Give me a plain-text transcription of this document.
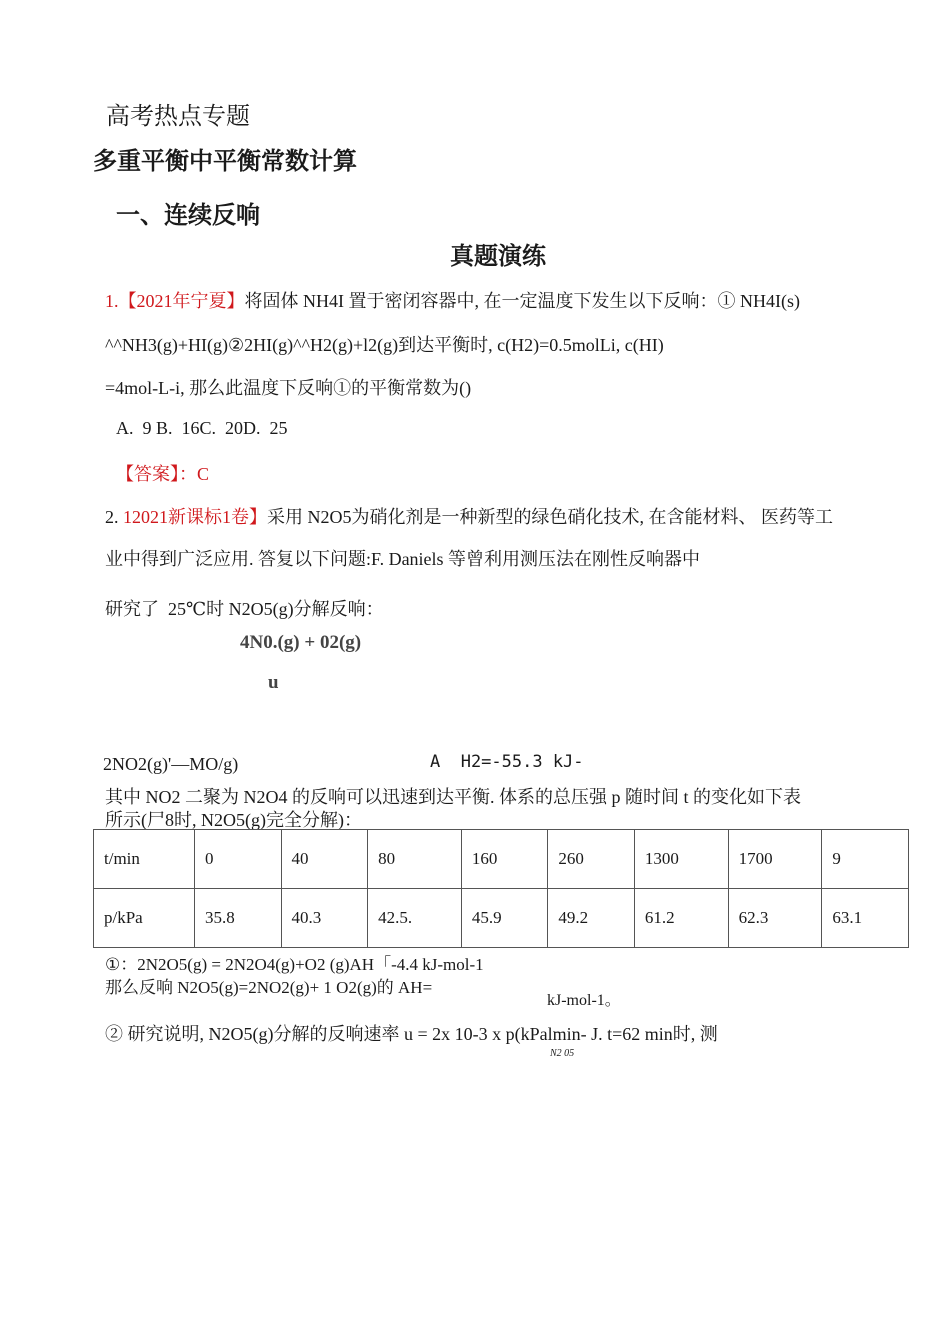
高考热点专题
多重平衡中平衡常数计算
一、连续反响
真题演练
1.【2021年宁夏】将固体 NH4I 置于密闭容器中, 在一定温度下发生以下反响：① NH4I(s)
^^NH3(g)+HI(g)②2HI(g)^^H2(g)+l2(g)到达平衡时, c(H2)=0.5molLi, c(HI)
=4mol-L-i, 那么此温度下反响①的平衡常数为()
A.  9 B.  16C.  20D.  25
【答案】：C
2. 12021新课标1卷】采用 N2O5为硝化剂是一种新型的绿色硝化技术, 在含能材料、 医药等工
业中得到广泛应用. 答复以下问题:F. Daniels 等曾利用测压法在刚性反响器中
研究了  25℃时 N2O5(g)分解反响：
4N0.(g) + 02(g)
u
2NO2(g)'—MO/g)	A  H2=-55.3 kJ-
其中 NO2 二聚为 N2O4 的反响可以迅速到达平衡. 体系的总压强 p 随时间 t 的变化如下表
所示(尸8时, N2O5(g)完全分解)：
t/min	0	40	80	160	260	1300	1700	9
p/kPa	35.8	40.3	42.5.	45.9	49.2	61.2	62.3	63.1
①：2N2O5(g) = 2N2O4(g)+O2 (g)AH「-4.4 kJ-mol-1
那么反响 N2O5(g)=2NO2(g)+ 1 O2(g)的 AH=
kJ-mol-1。
② 研究说明, N2O5(g)分解的反响速率 u = 2x 10-3 x p(kPalmin- J. t=62 min时, 测
N2 05
